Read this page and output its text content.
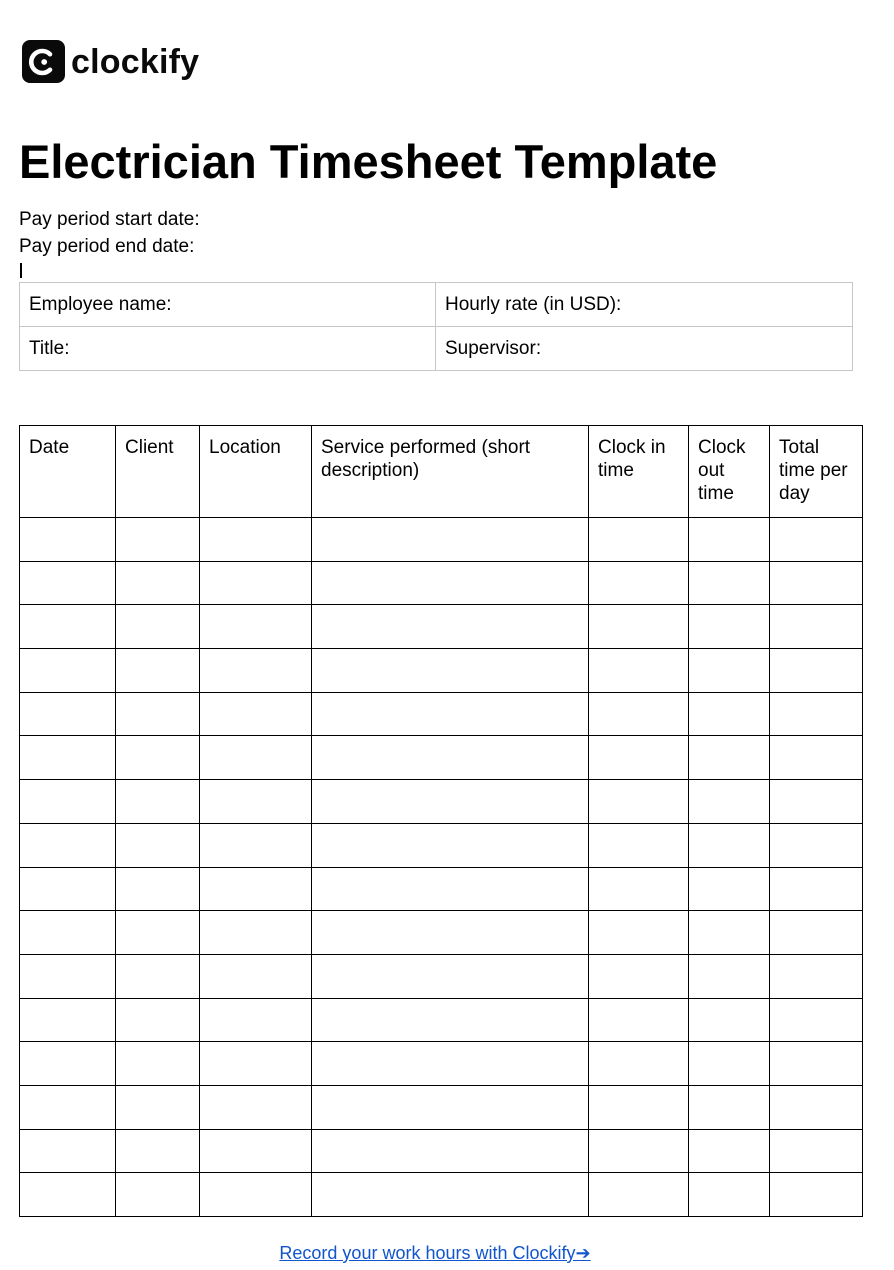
clockify
Electrician Timesheet Template
Pay period start date:
Pay period end date:
Employee name:	Hourly rate (in USD):
Title:	Supervisor:
Date	Client	Location	Service performed (short description)	Clock in time	Clock out time	Total time per day

Record your work hours with Clockify➔
